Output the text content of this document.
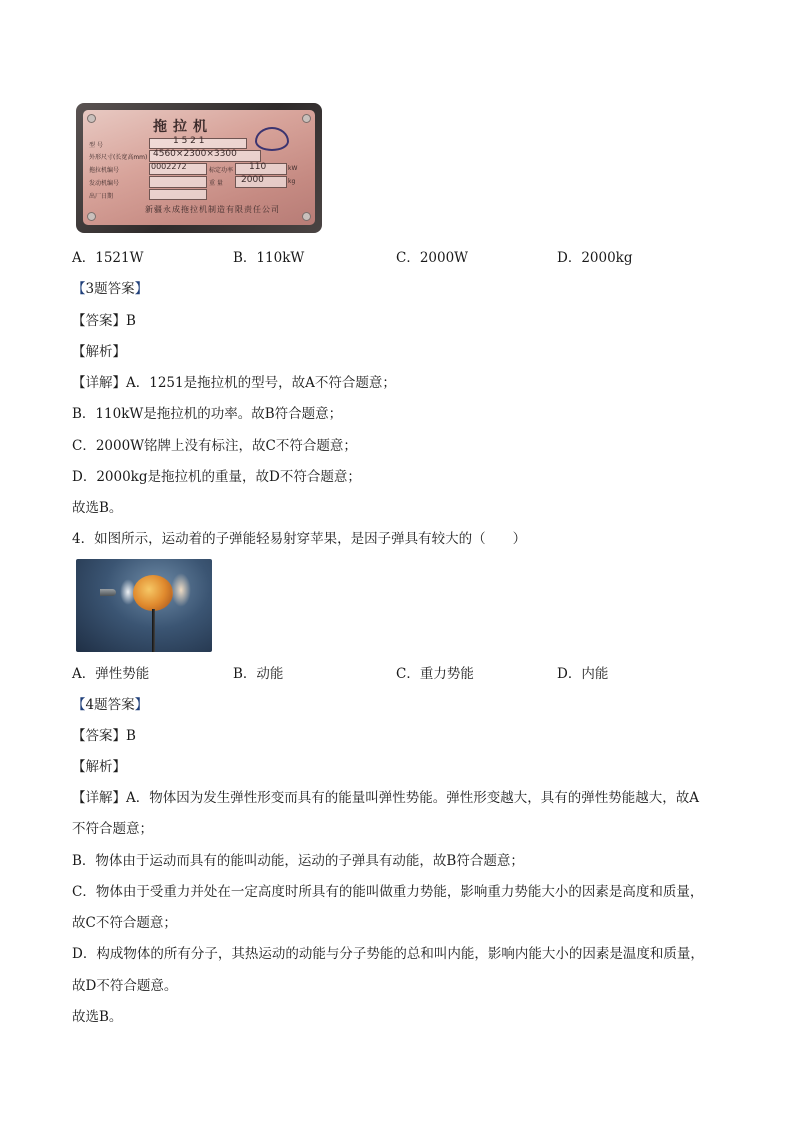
拖拉机
型 号	1 5 2 1
外形尺寸(长宽高mm) 4560×2300×3300
拖拉机编号	0002272	标定功率 110	kW
发动机编号	重 量 2000	kg
出厂日期
新疆永成拖拉机制造有限责任公司
A．1521W	B．110kW	C．2000W	D．2000kg
【3题答案】
【答案】B
【解析】
【详解】A．1251是拖拉机的型号，故A不符合题意；
B．110kW是拖拉机的功率。故B符合题意；
C．2000W铭牌上没有标注，故C不符合题意；
D．2000kg是拖拉机的重量，故D不符合题意；
故选B。
4．如图所示，运动着的子弹能轻易射穿苹果，是因子弹具有较大的（　　）
A．弹性势能	B．动能	C．重力势能	D．内能
【4题答案】
【答案】B
【解析】
【详解】A．物体因为发生弹性形变而具有的能量叫弹性势能。弹性形变越大，具有的弹性势能越大，故A
不符合题意；
B．物体由于运动而具有的能叫动能，运动的子弹具有动能，故B符合题意；
C．物体由于受重力并处在一定高度时所具有的能叫做重力势能，影响重力势能大小的因素是高度和质量，
故C不符合题意；
D．构成物体的所有分子，其热运动的动能与分子势能的总和叫内能，影响内能大小的因素是温度和质量，
故D不符合题意。
故选B。
